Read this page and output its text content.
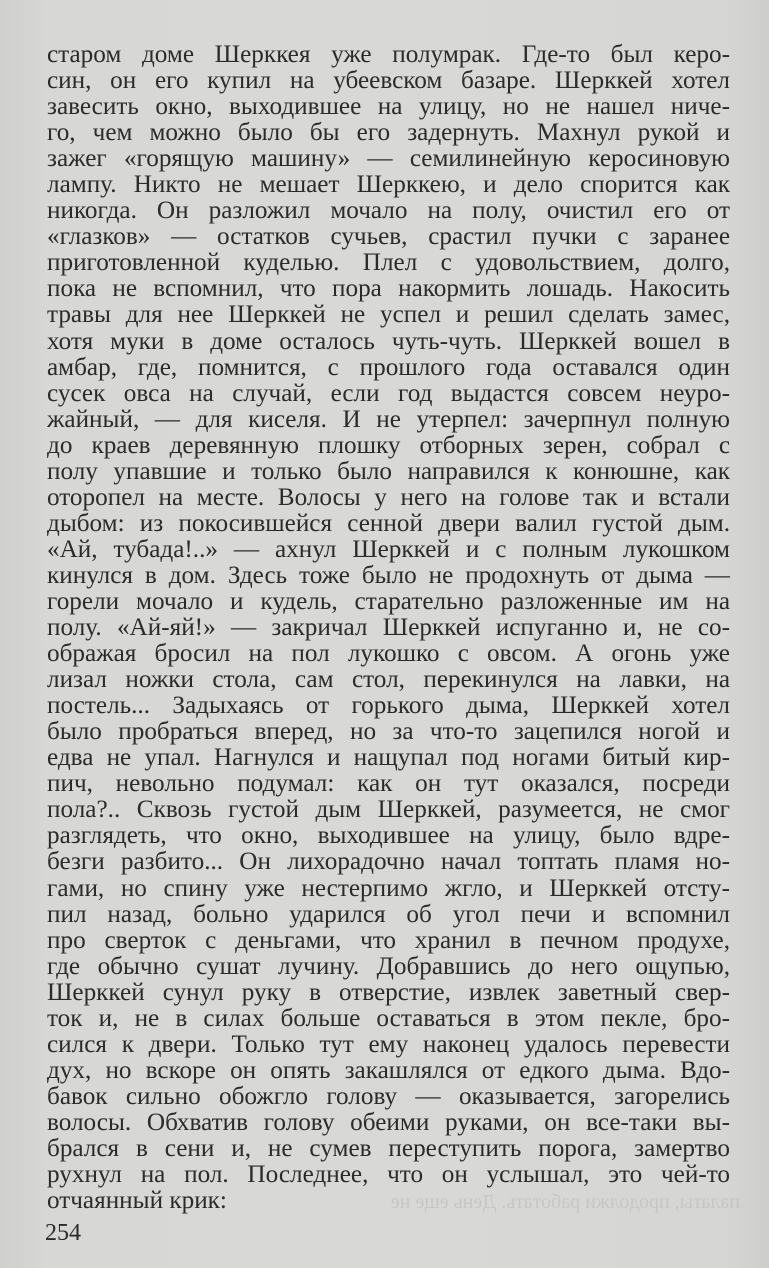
палаты, продолжи работать. День еще не
старом доме Шерккея уже полумрак. Где-то был керо-
син, он его купил на убеевском базаре. Шерккей хотел
завесить окно, выходившее на улицу, но не нашел ниче-
го, чем можно было бы его задернуть. Махнул рукой и
зажег «горящую машину» — семилинейную керосиновую
лампу. Никто не мешает Шерккею, и дело спорится как
никогда. Он разложил мочало на полу, очистил его от
«глазков» — остатков сучьев, срастил пучки с заранее
приготовленной куделью. Плел с удовольствием, долго,
пока не вспомнил, что пора накормить лошадь. Накосить
травы для нее Шерккей не успел и решил сделать замес,
хотя муки в доме осталось чуть-чуть. Шерккей вошел в
амбар, где, помнится, с прошлого года оставался один
сусек овса на случай, если год выдастся совсем неуро-
жайный, — для киселя. И не утерпел: зачерпнул полную
до краев деревянную плошку отборных зерен, собрал с
полу упавшие и только было направился к конюшне, как
оторопел на месте. Волосы у него на голове так и встали
дыбом: из покосившейся сенной двери валил густой дым.
«Ай, тубада!..» — ахнул Шерккей и с полным лукошком
кинулся в дом. Здесь тоже было не продохнуть от дыма —
горели мочало и кудель, старательно разложенные им на
полу. «Ай-яй!» — закричал Шерккей испуганно и, не со-
ображая бросил на пол лукошко с овсом. А огонь уже
лизал ножки стола, сам стол, перекинулся на лавки, на
постель... Задыхаясь от горького дыма, Шерккей хотел
было пробраться вперед, но за что-то зацепился ногой и
едва не упал. Нагнулся и нащупал под ногами битый кир-
пич, невольно подумал: как он тут оказался, посреди
пола?.. Сквозь густой дым Шерккей, разумеется, не смог
разглядеть, что окно, выходившее на улицу, было вдре-
безги разбито... Он лихорадочно начал топтать пламя но-
гами, но спину уже нестерпимо жгло, и Шерккей отсту-
пил назад, больно ударился об угол печи и вспомнил
про сверток с деньгами, что хранил в печном продухе,
где обычно сушат лучину. Добравшись до него ощупью,
Шерккей сунул руку в отверстие, извлек заветный свер-
ток и, не в силах больше оставаться в этом пекле, бро-
сился к двери. Только тут ему наконец удалось перевести
дух, но вскоре он опять закашлялся от едкого дыма. Вдо-
бавок сильно обожгло голову — оказывается, загорелись
волосы. Обхватив голову обеими руками, он все-таки вы-
брался в сени и, не сумев переступить порога, замертво
рухнул на пол. Последнее, что он услышал, это чей-то
отчаянный крик:
254
